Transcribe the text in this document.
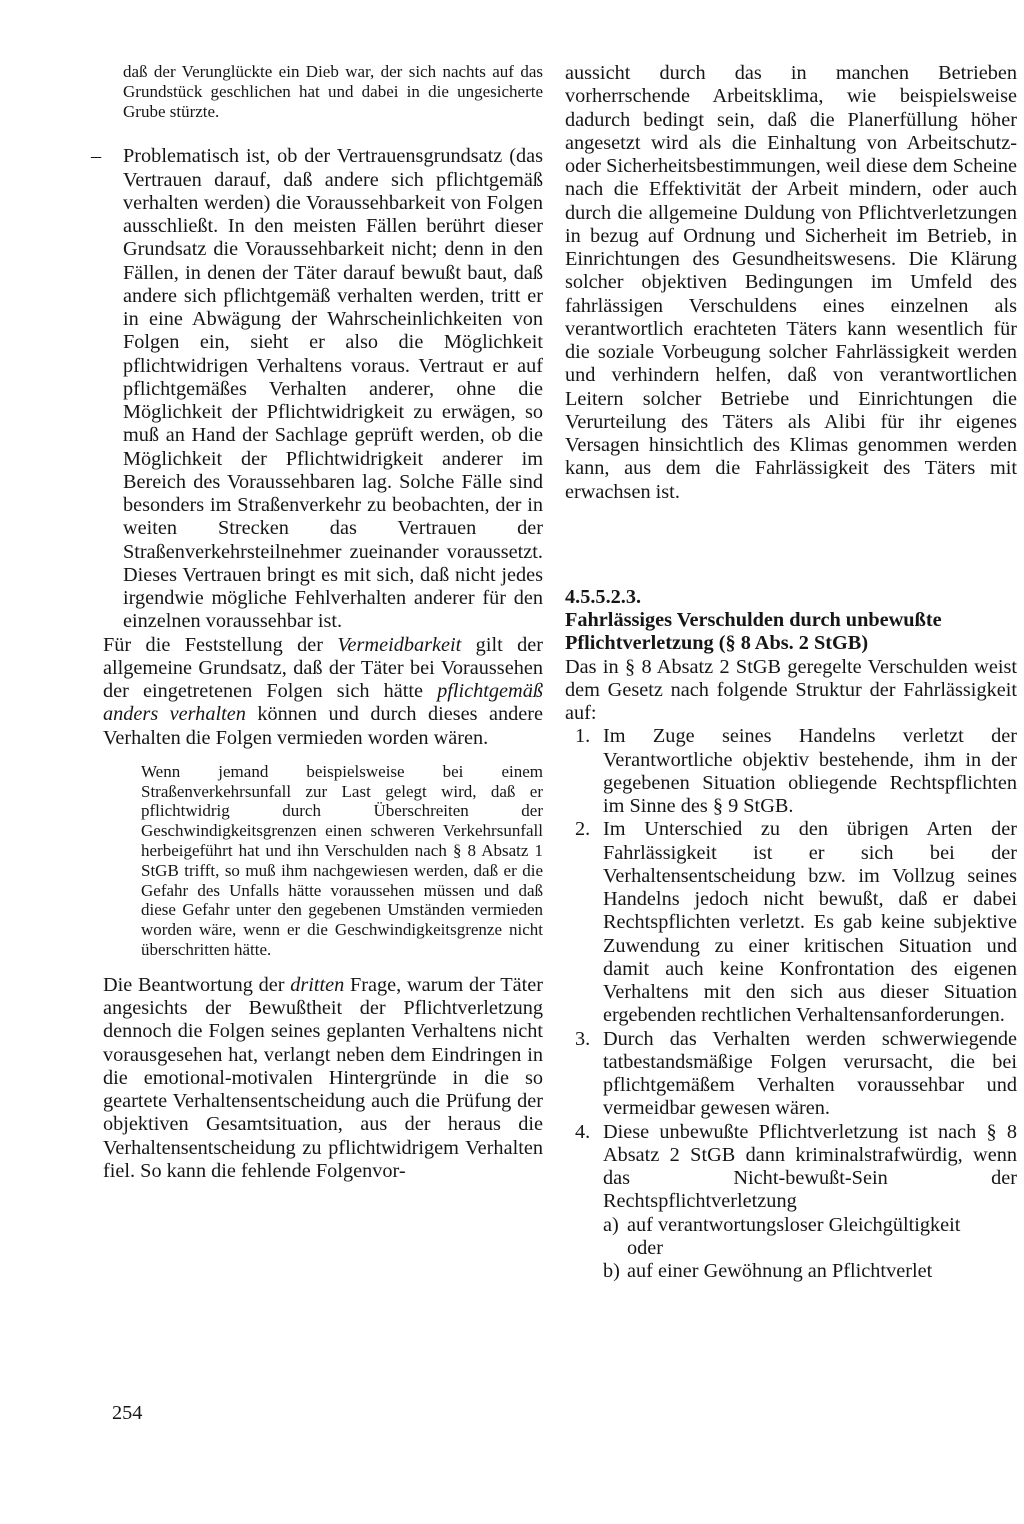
daß der Verunglückte ein Dieb war, der sich nachts auf das Grundstück geschlichen hat und dabei in die ungesicherte Grube stürzte.

– Problematisch ist, ob der Vertrauensgrundsatz (das Vertrauen darauf, daß andere sich pflichtgemäß verhalten werden) die Voraussehbarkeit von Folgen ausschließt. In den meisten Fällen berührt dieser Grundsatz die Voraussehbarkeit nicht; denn in den Fällen, in denen der Täter darauf bewußt baut, daß andere sich pflichtgemäß verhalten werden, tritt er in eine Abwägung der Wahrscheinlichkeiten von Folgen ein, sieht er also die Möglichkeit pflichtwidrigen Verhaltens voraus. Vertraut er auf pflichtgemäßes Verhalten anderer, ohne die Möglichkeit der Pflichtwidrigkeit zu erwägen, so muß an Hand der Sachlage geprüft werden, ob die Möglichkeit der Pflichtwidrigkeit anderer im Bereich des Voraussehbaren lag. Solche Fälle sind besonders im Straßenverkehr zu beobachten, der in weiten Strecken das Vertrauen der Straßenverkehrsteilnehmer zueinander voraussetzt. Dieses Vertrauen bringt es mit sich, daß nicht jedes irgendwie mögliche Fehlverhalten anderer für den einzelnen voraussehbar ist.

Für die Feststellung der Vermeidbarkeit gilt der allgemeine Grundsatz, daß der Täter bei Voraussehen der eingetretenen Folgen sich hätte pflichtgemäß anders verhalten können und durch dieses andere Verhalten die Folgen vermieden worden wären.

Wenn jemand beispielsweise bei einem Straßenverkehrsunfall zur Last gelegt wird, daß er pflichtwidrig durch Überschreiten der Geschwindigkeitsgrenzen einen schweren Verkehrsunfall herbeigeführt hat und ihn Verschulden nach § 8 Absatz 1 StGB trifft, so muß ihm nachgewiesen werden, daß er die Gefahr des Unfalls hätte voraussehen müssen und daß diese Gefahr unter den gegebenen Umständen vermieden worden wäre, wenn er die Geschwindigkeitsgrenze nicht überschritten hätte.

Die Beantwortung der dritten Frage, warum der Täter angesichts der Bewußtheit der Pflichtverletzung dennoch die Folgen seines geplanten Verhaltens nicht vorausgesehen hat, verlangt neben dem Eindringen in die emotional-motivalen Hintergründe in die so geartete Verhaltensentscheidung auch die Prüfung der objektiven Gesamtsituation, aus der heraus die Verhaltensentscheidung zu pflichtwidrigem Verhalten fiel. So kann die fehlende Folgenvor-

aussicht durch das in manchen Betrieben vorherrschende Arbeitsklima, wie beispielsweise dadurch bedingt sein, daß die Planerfüllung höher angesetzt wird als die Einhaltung von Arbeitschutz- oder Sicherheitsbestimmungen, weil diese dem Scheine nach die Effektivität der Arbeit mindern, oder auch durch die allgemeine Duldung von Pflichtverletzungen in bezug auf Ordnung und Sicherheit im Betrieb, in Einrichtungen des Gesundheitswesens. Die Klärung solcher objektiven Bedingungen im Umfeld des fahrlässigen Verschuldens eines einzelnen als verantwortlich erachteten Täters kann wesentlich für die soziale Vorbeugung solcher Fahrlässigkeit werden und verhindern helfen, daß von verantwortlichen Leitern solcher Betriebe und Einrichtungen die Verurteilung des Täters als Alibi für ihr eigenes Versagen hinsichtlich des Klimas genommen werden kann, aus dem die Fahrlässigkeit des Täters mit erwachsen ist.

4.5.5.2.3.
Fahrlässiges Verschulden durch unbewußte Pflichtverletzung (§ 8 Abs. 2 StGB)

Das in § 8 Absatz 2 StGB geregelte Verschulden weist dem Gesetz nach folgende Struktur der Fahrlässigkeit auf:

1. Im Zuge seines Handelns verletzt der Verantwortliche objektiv bestehende, ihm in der gegebenen Situation obliegende Rechtspflichten im Sinne des § 9 StGB.
2. Im Unterschied zu den übrigen Arten der Fahrlässigkeit ist er sich bei der Verhaltensentscheidung bzw. im Vollzug seines Handelns jedoch nicht bewußt, daß er dabei Rechtspflichten verletzt. Es gab keine subjektive Zuwendung zu einer kritischen Situation und damit auch keine Konfrontation des eigenen Verhaltens mit den sich aus dieser Situation ergebenden rechtlichen Verhaltensanforderungen.
3. Durch das Verhalten werden schwerwiegende tatbestandsmäßige Folgen verursacht, die bei pflichtgemäßem Verhalten voraussehbar und vermeidbar gewesen wären.
4. Diese unbewußte Pflichtverletzung ist nach § 8 Absatz 2 StGB dann kriminalstrafwürdig, wenn das Nicht-bewußt-Sein der Rechtspflichtverletzung
a) auf verantwortungsloser Gleichgültigkeit
oder
b) auf einer Gewöhnung an Pflichtverlet
254
